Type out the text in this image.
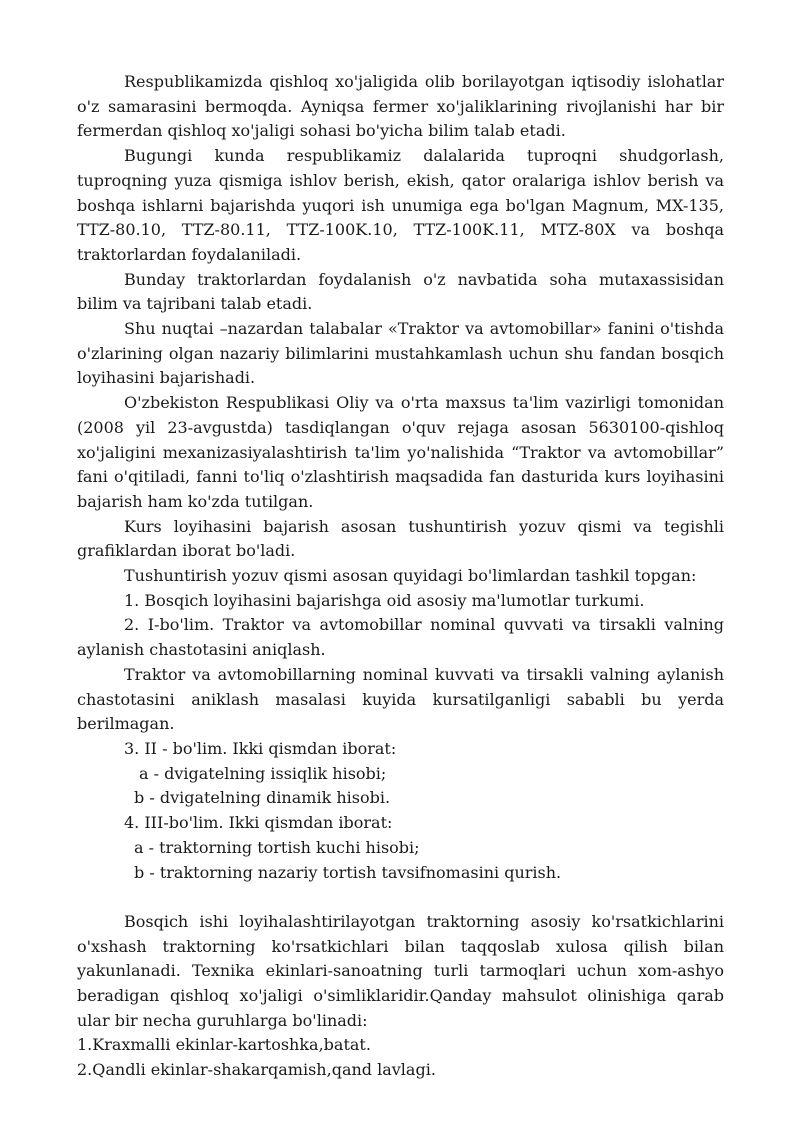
Respublikamizda qishloq xo'jaligida olib borilayotgan iqtisodiy islohatlar o'z samarasini bermoqda. Ayniqsa fermer xo'jaliklarining rivojlanishi har bir fermerdan qishloq xo'jaligi sohasi bo'yicha bilim talab etadi.

Bugungi kunda respublikamiz dalalarida tuproqni shudgorlash, tuproqning yuza qismiga ishlov berish, ekish, qator oralariga ishlov berish va boshqa ishlarni bajarishda yuqori ish unumiga ega bo'lgan Magnum, MX-135, TTZ-80.10, TTZ-80.11, TTZ-100K.10, TTZ-100K.11, MTZ-80X va boshqa traktorlardan foydalaniladi.

Bunday traktorlardan foydalanish o'z navbatida soha mutaxassisidan bilim va tajribani talab etadi.

Shu nuqtai –nazardan talabalar «Traktor va avtomobillar» fanini o'tishda o'zlarining olgan nazariy bilimlarini mustahkamlash uchun shu fandan bosqich loyihasini bajarishadi.

O'zbekiston Respublikasi Oliy va o'rta maxsus ta'lim vazirligi tomonidan (2008 yil 23-avgustda) tasdiqlangan o'quv rejaga asosan 5630100-qishloq xo'jaligini mexanizasiyalashtirish ta'lim yo'nalishida “Traktor va avtomobillar” fani o'qitiladi, fanni to'liq o'zlashtirish maqsadida fan dasturida kurs loyihasini bajarish ham ko'zda tutilgan.

Kurs loyihasini bajarish asosan tushuntirish yozuv qismi va tegishli grafiklardan iborat bo'ladi.

Tushuntirish yozuv qismi asosan quyidagi bo'limlardan tashkil topgan:

1. Bosqich loyihasini bajarishga oid asosiy ma'lumotlar turkumi.

2. I-bo'lim. Traktor va avtomobillar nominal quvvati va tirsakli valning aylanish chastotasini aniqlash.

Traktor va avtomobillarning nominal kuvvati va tirsakli valning aylanish chastotasini aniklash masalasi kuyida kursatilganligi sababli bu yerda berilmagan.

3. II - bo'lim. Ikki qismdan iborat:

a - dvigatelning issiqlik hisobi;

b - dvigatelning dinamik hisobi.

4. III-bo'lim. Ikki qismdan iborat:

a - traktorning tortish kuchi hisobi;

b - traktorning nazariy tortish tavsifnomasini qurish.

Bosqich ishi loyihalashtirilayotgan traktorning asosiy ko'rsatkichlarini o'xshash traktorning ko'rsatkichlari bilan taqqoslab xulosa qilish bilan yakunlanadi. Texnika ekinlari-sanoatning turli tarmoqlari uchun xom-ashyo beradigan qishloq xo'jaligi o'simliklaridir.Qanday mahsulot olinishiga qarab ular bir necha guruhlarga bo'linadi:

1.Kraxmalli ekinlar-kartoshka,batat.

2.Qandli ekinlar-shakarqamish,qand lavlagi.
